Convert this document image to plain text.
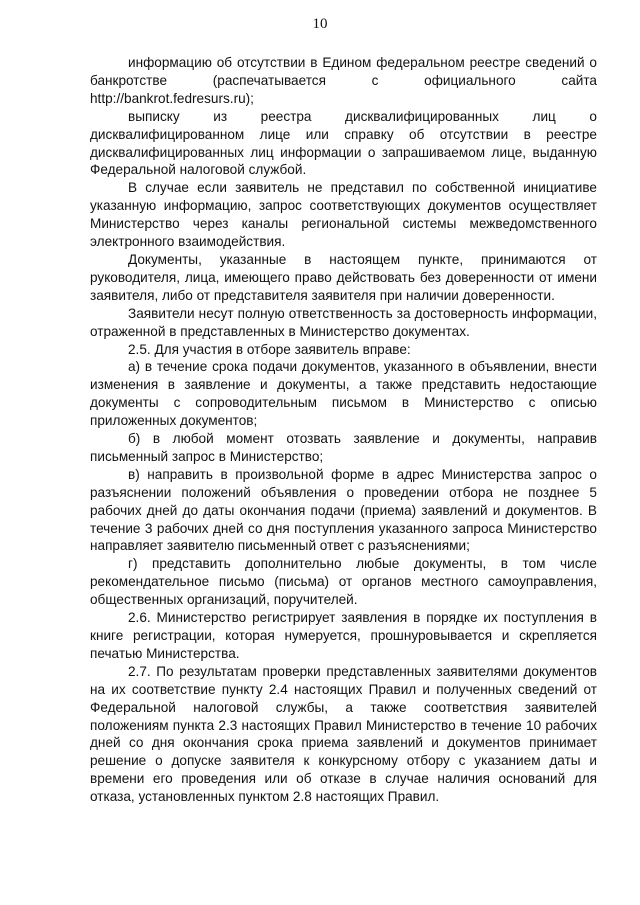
10

информацию об отсутствии в Едином федеральном реестре сведений о банкротстве (распечатывается с официального сайта http://bankrot.fedresurs.ru);

выписку из реестра дисквалифицированных лиц о дисквалифицированном лице или справку об отсутствии в реестре дисквалифицированных лиц информации о запрашиваемом лице, выданную Федеральной налоговой службой.

В случае если заявитель не представил по собственной инициативе указанную информацию, запрос соответствующих документов осуществляет Министерство через каналы региональной системы межведомственного электронного взаимодействия.

Документы, указанные в настоящем пункте, принимаются от руководителя, лица, имеющего право действовать без доверенности от имени заявителя, либо от представителя заявителя при наличии доверенности.

Заявители несут полную ответственность за достоверность информации, отраженной в представленных в Министерство документах.

2.5. Для участия в отборе заявитель вправе:

а) в течение срока подачи документов, указанного в объявлении, внести изменения в заявление и документы, а также представить недостающие документы с сопроводительным письмом в Министерство с описью приложенных документов;

б) в любой момент отозвать заявление и документы, направив письменный запрос в Министерство;

в) направить в произвольной форме в адрес Министерства запрос о разъяснении положений объявления о проведении отбора не позднее 5 рабочих дней до даты окончания подачи (приема) заявлений и документов. В течение 3 рабочих дней со дня поступления указанного запроса Министерство направляет заявителю письменный ответ с разъяснениями;

г) представить дополнительно любые документы, в том числе рекомендательное письмо (письма) от органов местного самоуправления, общественных организаций, поручителей.

2.6. Министерство регистрирует заявления в порядке их поступления в книге регистрации, которая нумеруется, прошнуровывается и скрепляется печатью Министерства.

2.7. По результатам проверки представленных заявителями документов на их соответствие пункту 2.4 настоящих Правил и полученных сведений от Федеральной налоговой службы, а также соответствия заявителей положениям пункта 2.3 настоящих Правил Министерство в течение 10 рабочих дней со дня окончания срока приема заявлений и документов принимает решение о допуске заявителя к конкурсному отбору с указанием даты и времени его проведения или об отказе в случае наличия оснований для отказа, установленных пунктом 2.8 настоящих Правил.
